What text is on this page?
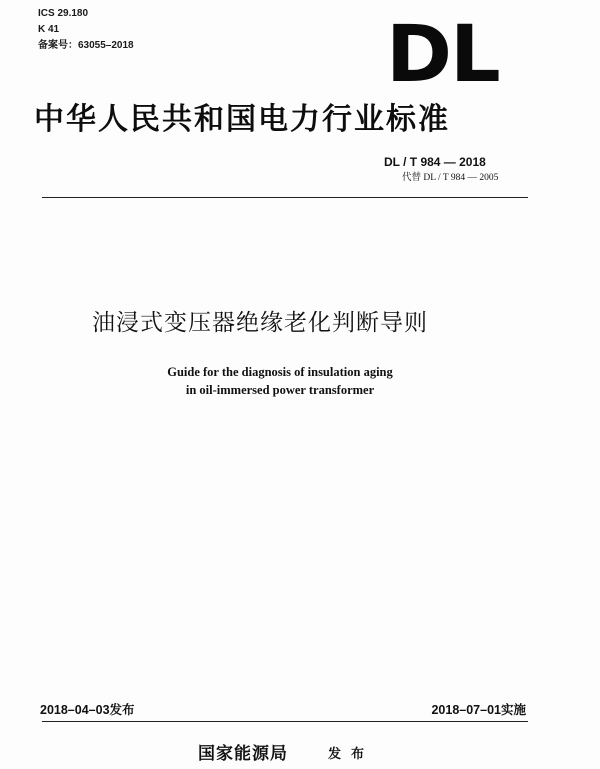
ICS 29.180
K 41
备案号：63055–2018	DL
中华人民共和国电力行业标准
DL / T 984 — 2018
代替 DL / T 984 — 2005
油浸式变压器绝缘老化判断导则
Guide for the diagnosis of insulation aging
in oil-immersed power transformer
2018–04–03发布	2018–07–01实施
国家能源局	发布
